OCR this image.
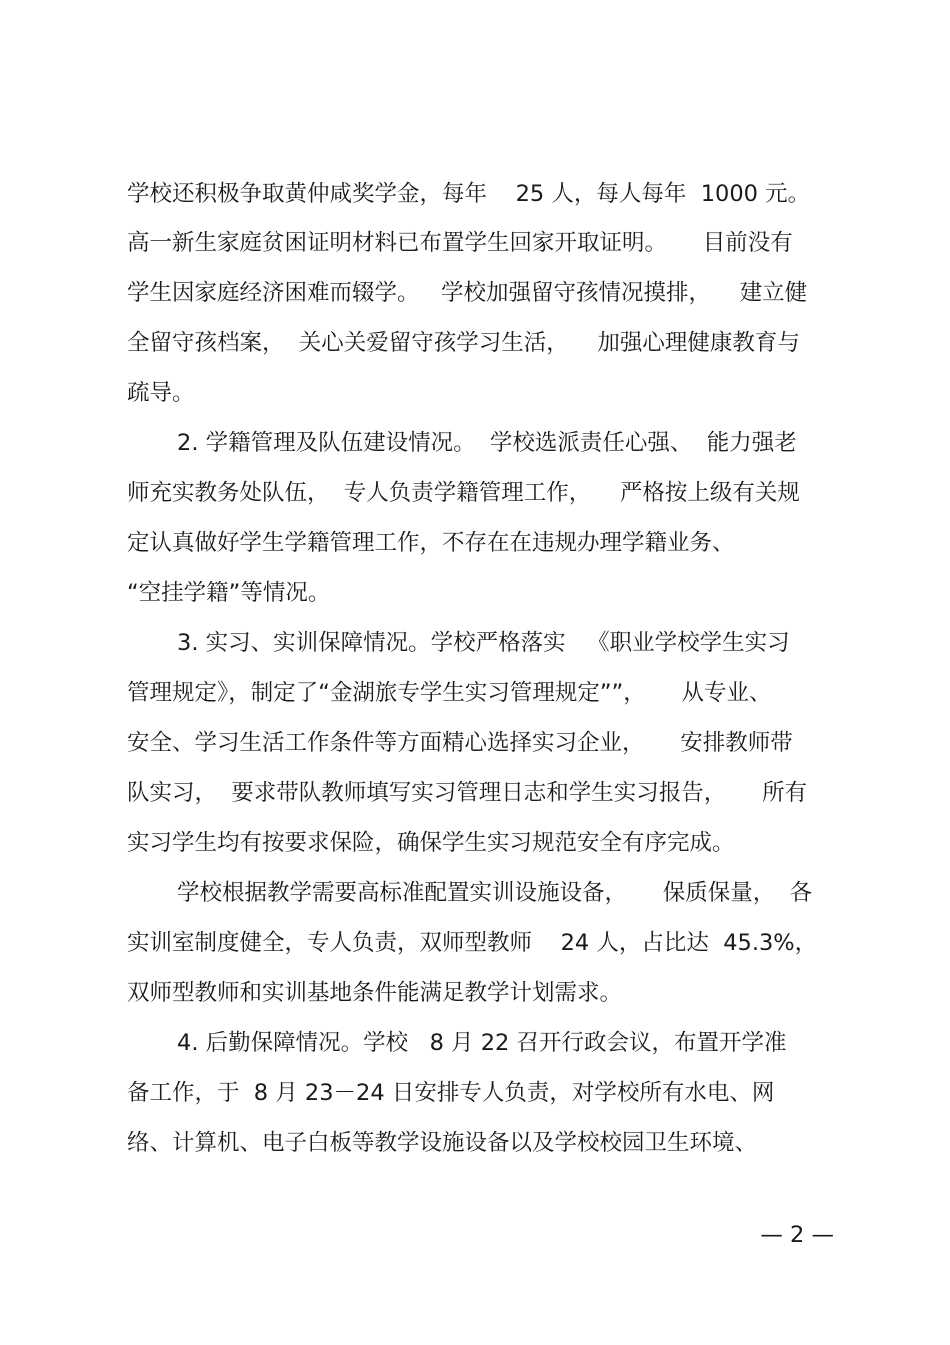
学校还积极争取黄仲咸奖学金，每年    25 人，每人每年  1000 元。
高一新生家庭贫困证明材料已布置学生回家开取证明。     目前没有
学生因家庭经济困难而辍学。   学校加强留守孩情况摸排，    建立健
全留守孩档案，  关心关爱留守孩学习生活，    加强心理健康教育与
疏导。
2. 学籍管理及队伍建设情况。  学校选派责任心强、  能力强老
师充实教务处队伍，  专人负责学籍管理工作，    严格按上级有关规
定认真做好学生学籍管理工作，不存在在违规办理学籍业务、
“空挂学籍”等情况。
3. 实习、实训保障情况。学校严格落实   《职业学校学生实习
管理规定》，制定了“金湖旅专学生实习管理规定””，     从专业、
安全、学习生活工作条件等方面精心选择实习企业，     安排教师带
队实习，  要求带队教师填写实习管理日志和学生实习报告，     所有
实习学生均有按要求保险，确保学生实习规范安全有序完成。
学校根据教学需要高标准配置实训设施设备，     保质保量，  各
实训室制度健全，专人负责，双师型教师    24 人，占比达  45.3%，
双师型教师和实训基地条件能满足教学计划需求。
4. 后勤保障情况。学校   8 月 22 召开行政会议，布置开学准
备工作，于  8 月 23－24 日安排专人负责，对学校所有水电、网
络、计算机、电子白板等教学设施设备以及学校校园卫生环境、
— 2 —
